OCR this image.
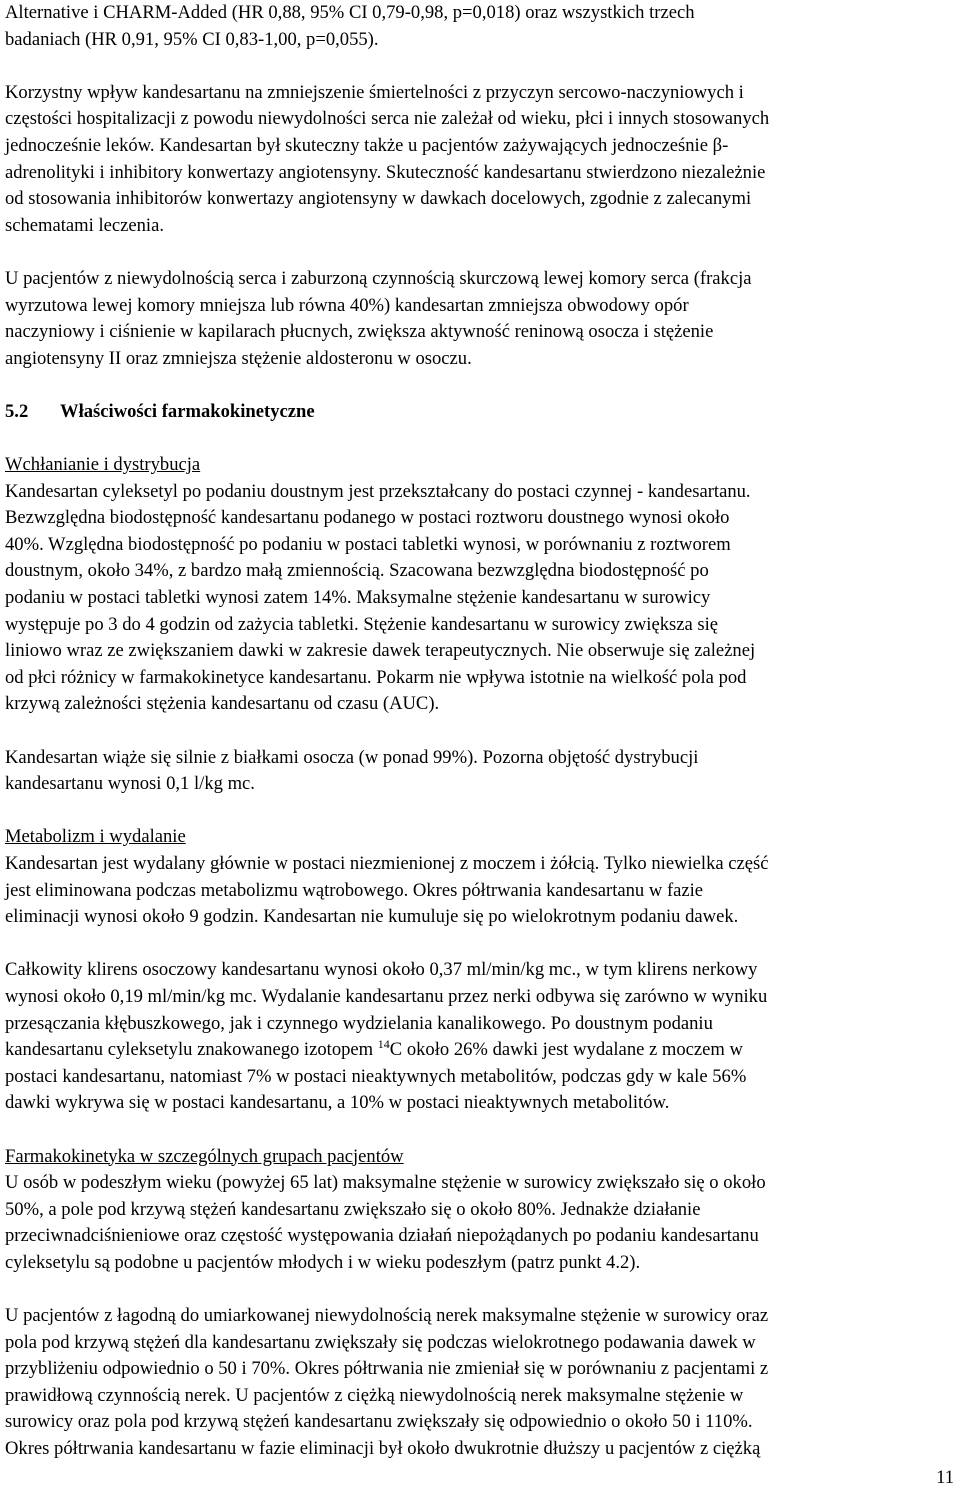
Alternative i CHARM-Added (HR 0,88, 95% CI 0,79-0,98, p=0,018) oraz wszystkich trzech
badaniach (HR 0,91, 95% CI 0,83-1,00, p=0,055).

Korzystny wpływ kandesartanu na zmniejszenie śmiertelności z przyczyn sercowo-naczyniowych i
częstości hospitalizacji z powodu niewydolności serca nie zależał od wieku, płci i innych stosowanych
jednocześnie leków. Kandesartan był skuteczny także u pacjentów zażywających jednocześnie β-
adrenolityki i inhibitory konwertazy angiotensyny. Skuteczność kandesartanu stwierdzono niezależnie
od stosowania inhibitorów konwertazy angiotensyny w dawkach docelowych, zgodnie z zalecanymi
schematami leczenia.

U pacjentów z niewydolnością serca i zaburzoną czynnością skurczową lewej komory serca (frakcja
wyrzutowa lewej komory mniejsza lub równa 40%) kandesartan zmniejsza obwodowy opór
naczyniowy i ciśnienie w kapilarach płucnych, zwiększa aktywność reninową osocza i stężenie
angiotensyny II oraz zmniejsza stężenie aldosteronu w osoczu.

5.2 Właściwości farmakokinetyczne

Wchłanianie i dystrybucja

Kandesartan cyleksetyl po podaniu doustnym jest przekształcany do postaci czynnej - kandesartanu.
Bezwzględna biodostępność kandesartanu podanego w postaci roztworu doustnego wynosi około
40%. Względna biodostępność po podaniu w postaci tabletki wynosi, w porównaniu z roztworem
doustnym, około 34%, z bardzo małą zmiennością. Szacowana bezwzględna biodostępność po
podaniu w postaci tabletki wynosi zatem 14%. Maksymalne stężenie kandesartanu w surowicy
występuje po 3 do 4 godzin od zażycia tabletki. Stężenie kandesartanu w surowicy zwiększa się
liniowo wraz ze zwiększaniem dawki w zakresie dawek terapeutycznych. Nie obserwuje się zależnej
od płci różnicy w farmakokinetyce kandesartanu. Pokarm nie wpływa istotnie na wielkość pola pod
krzywą zależności stężenia kandesartanu od czasu (AUC).

Kandesartan wiąże się silnie z białkami osocza (w ponad 99%). Pozorna objętość dystrybucji
kandesartanu wynosi 0,1 l/kg mc.

Metabolizm i wydalanie

Kandesartan jest wydalany głównie w postaci niezmienionej z moczem i żółcią. Tylko niewielka część
jest eliminowana podczas metabolizmu wątrobowego. Okres półtrwania kandesartanu w fazie
eliminacji wynosi około 9 godzin. Kandesartan nie kumuluje się po wielokrotnym podaniu dawek.

Całkowity klirens osoczowy kandesartanu wynosi około 0,37 ml/min/kg mc., w tym klirens nerkowy
wynosi około 0,19 ml/min/kg mc. Wydalanie kandesartanu przez nerki odbywa się zarówno w wyniku
przesączania kłębuszkowego, jak i czynnego wydzielania kanalikowego. Po doustnym podaniu
kandesartanu cyleksetylu znakowanego izotopem $^{14}$C około 26% dawki jest wydalane z moczem w
postaci kandesartanu, natomiast 7% w postaci nieaktywnych metabolitów, podczas gdy w kale 56%
dawki wykrywa się w postaci kandesartanu, a 10% w postaci nieaktywnych metabolitów.

Farmakokinetyka w szczególnych grupach pacjentów

U osób w podeszłym wieku (powyżej 65 lat) maksymalne stężenie w surowicy zwiększało się o około
50%, a pole pod krzywą stężeń kandesartanu zwiększało się o około 80%. Jednakże działanie
przeciwnadciśnieniowe oraz częstość występowania działań niepożądanych po podaniu kandesartanu
cyleksetylu są podobne u pacjentów młodych i w wieku podeszłym (patrz punkt 4.2).

U pacjentów z łagodną do umiarkowanej niewydolnością nerek maksymalne stężenie w surowicy oraz
pola pod krzywą stężeń dla kandesartanu zwiększały się podczas wielokrotnego podawania dawek w
przybliżeniu odpowiednio o 50 i 70%. Okres półtrwania nie zmieniał się w porównaniu z pacjentami z
prawidłową czynnością nerek. U pacjentów z ciężką niewydolnością nerek maksymalne stężenie w
surowicy oraz pola pod krzywą stężeń kandesartanu zwiększały się odpowiednio o około 50 i 110%.
Okres półtrwania kandesartanu w fazie eliminacji był około dwukrotnie dłuższy u pacjentów z ciężką

11
